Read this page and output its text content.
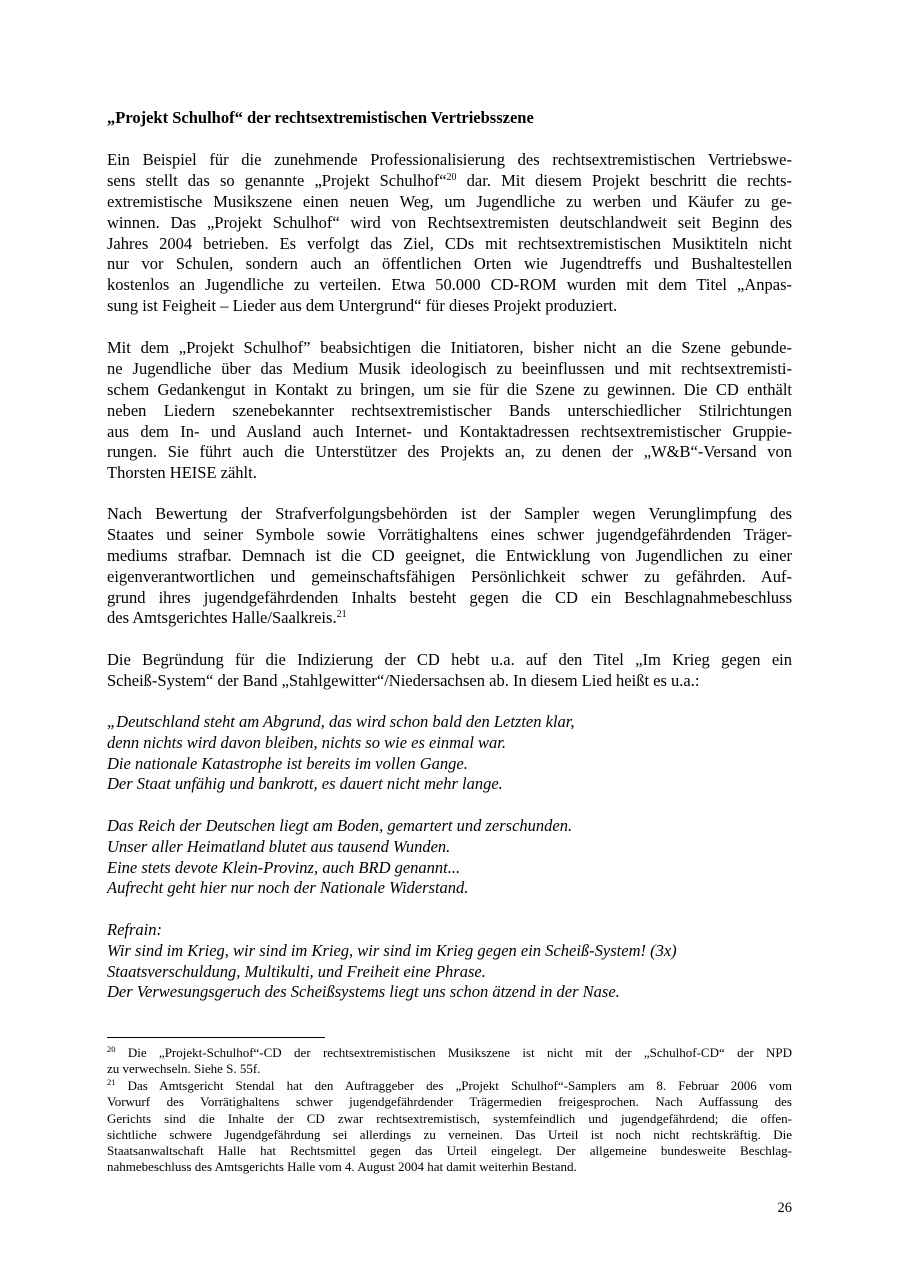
„Projekt Schulhof“ der rechtsextremistischen Vertriebsszene
Ein Beispiel für die zunehmende Professionalisierung des rechtsextremistischen Vertriebswe-
sens stellt das so genannte „Projekt Schulhof“$^{20}$ dar. Mit diesem Projekt beschritt die rechts-
extremistische Musikszene einen neuen Weg, um Jugendliche zu werben und Käufer zu ge-
winnen. Das „Projekt Schulhof“ wird von Rechtsextremisten deutschlandweit seit Beginn des
Jahres 2004 betrieben. Es verfolgt das Ziel, CDs mit rechtsextremistischen Musiktiteln nicht
nur vor Schulen, sondern auch an öffentlichen Orten wie Jugendtreffs und Bushaltestellen
kostenlos an Jugendliche zu verteilen. Etwa 50.000 CD-ROM wurden mit dem Titel „Anpas-
sung ist Feigheit – Lieder aus dem Untergrund“ für dieses Projekt produziert.
Mit dem „Projekt Schulhof” beabsichtigen die Initiatoren, bisher nicht an die Szene gebunde-
ne Jugendliche über das Medium Musik ideologisch zu beeinflussen und mit rechtsextremisti-
schem Gedankengut in Kontakt zu bringen, um sie für die Szene zu gewinnen. Die CD enthält
neben Liedern szenebekannter rechtsextremistischer Bands unterschiedlicher Stilrichtungen
aus dem In- und Ausland auch Internet- und Kontaktadressen rechtsextremistischer Gruppie-
rungen. Sie führt auch die Unterstützer des Projekts an, zu denen der „W&B“-Versand von
Thorsten HEISE zählt.
Nach Bewertung der Strafverfolgungsbehörden ist der Sampler wegen Verunglimpfung des
Staates und seiner Symbole sowie Vorrätighaltens eines schwer jugendgefährdenden Träger-
mediums strafbar. Demnach ist die CD geeignet, die Entwicklung von Jugendlichen zu einer
eigenverantwortlichen und gemeinschaftsfähigen Persönlichkeit schwer zu gefährden. Auf-
grund ihres jugendgefährdenden Inhalts besteht gegen die CD ein Beschlagnahmebeschluss
des Amtsgerichtes Halle/Saalkreis.$^{21}$
Die Begründung für die Indizierung der CD hebt u.a. auf den Titel „Im Krieg gegen ein
Scheiß-System“ der Band „Stahlgewitter“/Niedersachsen ab. In diesem Lied heißt es u.a.:
„Deutschland steht am Abgrund, das wird schon bald den Letzten klar,
denn nichts wird davon bleiben, nichts so wie es einmal war.
Die nationale Katastrophe ist bereits im vollen Gange.
Der Staat unfähig und bankrott, es dauert nicht mehr lange.
Das Reich der Deutschen liegt am Boden, gemartert und zerschunden.
Unser aller Heimatland blutet aus tausend Wunden.
Eine stets devote Klein-Provinz, auch BRD genannt...
Aufrecht geht hier nur noch der Nationale Widerstand.
Refrain:
Wir sind im Krieg, wir sind im Krieg, wir sind im Krieg gegen ein Scheiß-System! (3x)
Staatsverschuldung, Multikulti, und Freiheit eine Phrase.
Der Verwesungsgeruch des Scheißsystems liegt uns schon ätzend in der Nase.
$^{20}$ Die „Projekt-Schulhof“-CD der rechtsextremistischen Musikszene ist nicht mit der „Schulhof-CD“ der NPD
zu verwechseln. Siehe S. 55f.
$^{21}$ Das Amtsgericht Stendal hat den Auftraggeber des „Projekt Schulhof“-Samplers am 8. Februar 2006 vom
Vorwurf des Vorrätighaltens schwer jugendgefährdender Trägermedien freigesprochen. Nach Auffassung des
Gerichts sind die Inhalte der CD zwar rechtsextremistisch, systemfeindlich und jugendgefährdend; die offen-
sichtliche schwere Jugendgefährdung sei allerdings zu verneinen. Das Urteil ist noch nicht rechtskräftig. Die
Staatsanwaltschaft Halle hat Rechtsmittel gegen das Urteil eingelegt. Der allgemeine bundesweite Beschlag-
nahmebeschluss des Amtsgerichts Halle vom 4. August 2004 hat damit weiterhin Bestand.
26
